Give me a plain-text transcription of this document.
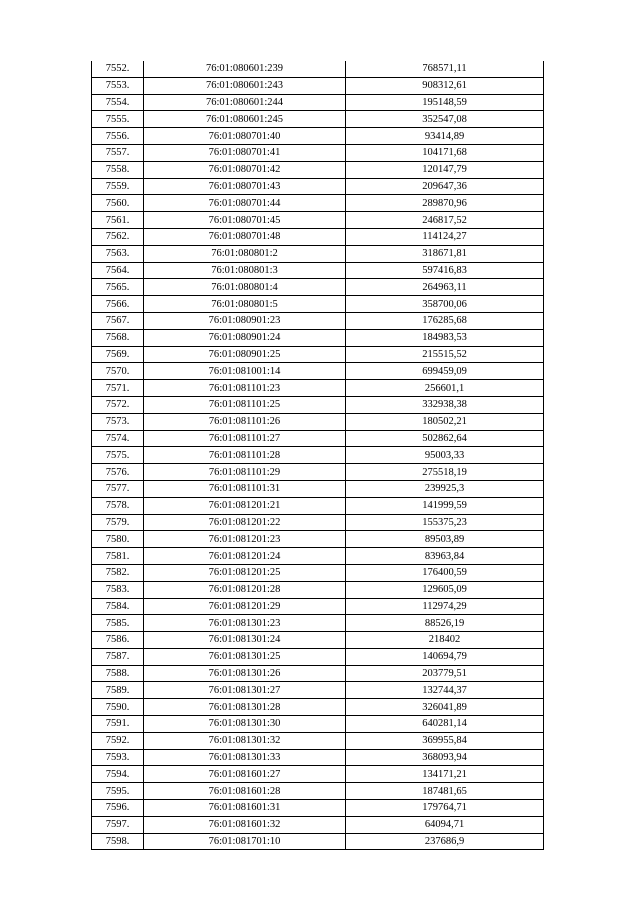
7552.	76:01:080601:239	768571,11
7553.	76:01:080601:243	908312,61
7554.	76:01:080601:244	195148,59
7555.	76:01:080601:245	352547,08
7556.	76:01:080701:40	93414,89
7557.	76:01:080701:41	104171,68
7558.	76:01:080701:42	120147,79
7559.	76:01:080701:43	209647,36
7560.	76:01:080701:44	289870,96
7561.	76:01:080701:45	246817,52
7562.	76:01:080701:48	114124,27
7563.	76:01:080801:2	318671,81
7564.	76:01:080801:3	597416,83
7565.	76:01:080801:4	264963,11
7566.	76:01:080801:5	358700,06
7567.	76:01:080901:23	176285,68
7568.	76:01:080901:24	184983,53
7569.	76:01:080901:25	215515,52
7570.	76:01:081001:14	699459,09
7571.	76:01:081101:23	256601,1
7572.	76:01:081101:25	332938,38
7573.	76:01:081101:26	180502,21
7574.	76:01:081101:27	502862,64
7575.	76:01:081101:28	95003,33
7576.	76:01:081101:29	275518,19
7577.	76:01:081101:31	239925,3
7578.	76:01:081201:21	141999,59
7579.	76:01:081201:22	155375,23
7580.	76:01:081201:23	89503,89
7581.	76:01:081201:24	83963,84
7582.	76:01:081201:25	176400,59
7583.	76:01:081201:28	129605,09
7584.	76:01:081201:29	112974,29
7585.	76:01:081301:23	88526,19
7586.	76:01:081301:24	218402
7587.	76:01:081301:25	140694,79
7588.	76:01:081301:26	203779,51
7589.	76:01:081301:27	132744,37
7590.	76:01:081301:28	326041,89
7591.	76:01:081301:30	640281,14
7592.	76:01:081301:32	369955,84
7593.	76:01:081301:33	368093,94
7594.	76:01:081601:27	134171,21
7595.	76:01:081601:28	187481,65
7596.	76:01:081601:31	179764,71
7597.	76:01:081601:32	64094,71
7598.	76:01:081701:10	237686,9
